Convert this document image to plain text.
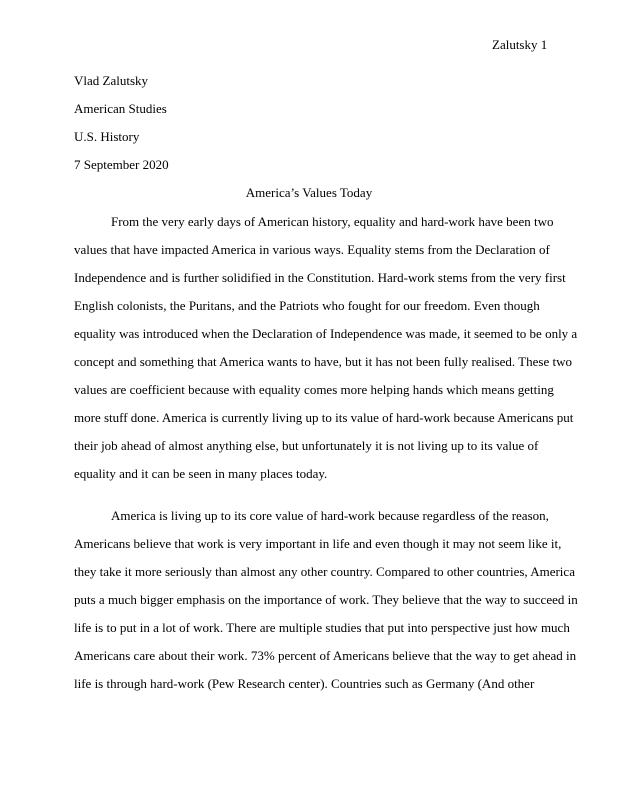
Zalutsky 1
Vlad Zalutsky
American Studies
U.S. History
7 September 2020
America’s Values Today
From the very early days of American history, equality and hard-work have been two
values that have impacted America in various ways. Equality stems from the Declaration of
Independence and is further solidified in the Constitution. Hard-work stems from the very first
English colonists, the Puritans, and the Patriots who fought for our freedom. Even though
equality was introduced when the Declaration of Independence was made, it seemed to be only a
concept and something that America wants to have, but it has not been fully realised. These two
values are coefficient because with equality comes more helping hands which means getting
more stuff done. America is currently living up to its value of hard-work because Americans put
their job ahead of almost anything else, but unfortunately it is not living up to its value of
equality and it can be seen in many places today.
America is living up to its core value of hard-work because regardless of the reason,
Americans believe that work is very important in life and even though it may not seem like it,
they take it more seriously than almost any other country. Compared to other countries, America
puts a much bigger emphasis on the importance of work. They believe that the way to succeed in
life is to put in a lot of work. There are multiple studies that put into perspective just how much
Americans care about their work. 73% percent of Americans believe that the way to get ahead in
life is through hard-work (Pew Research center). Countries such as Germany (And other
